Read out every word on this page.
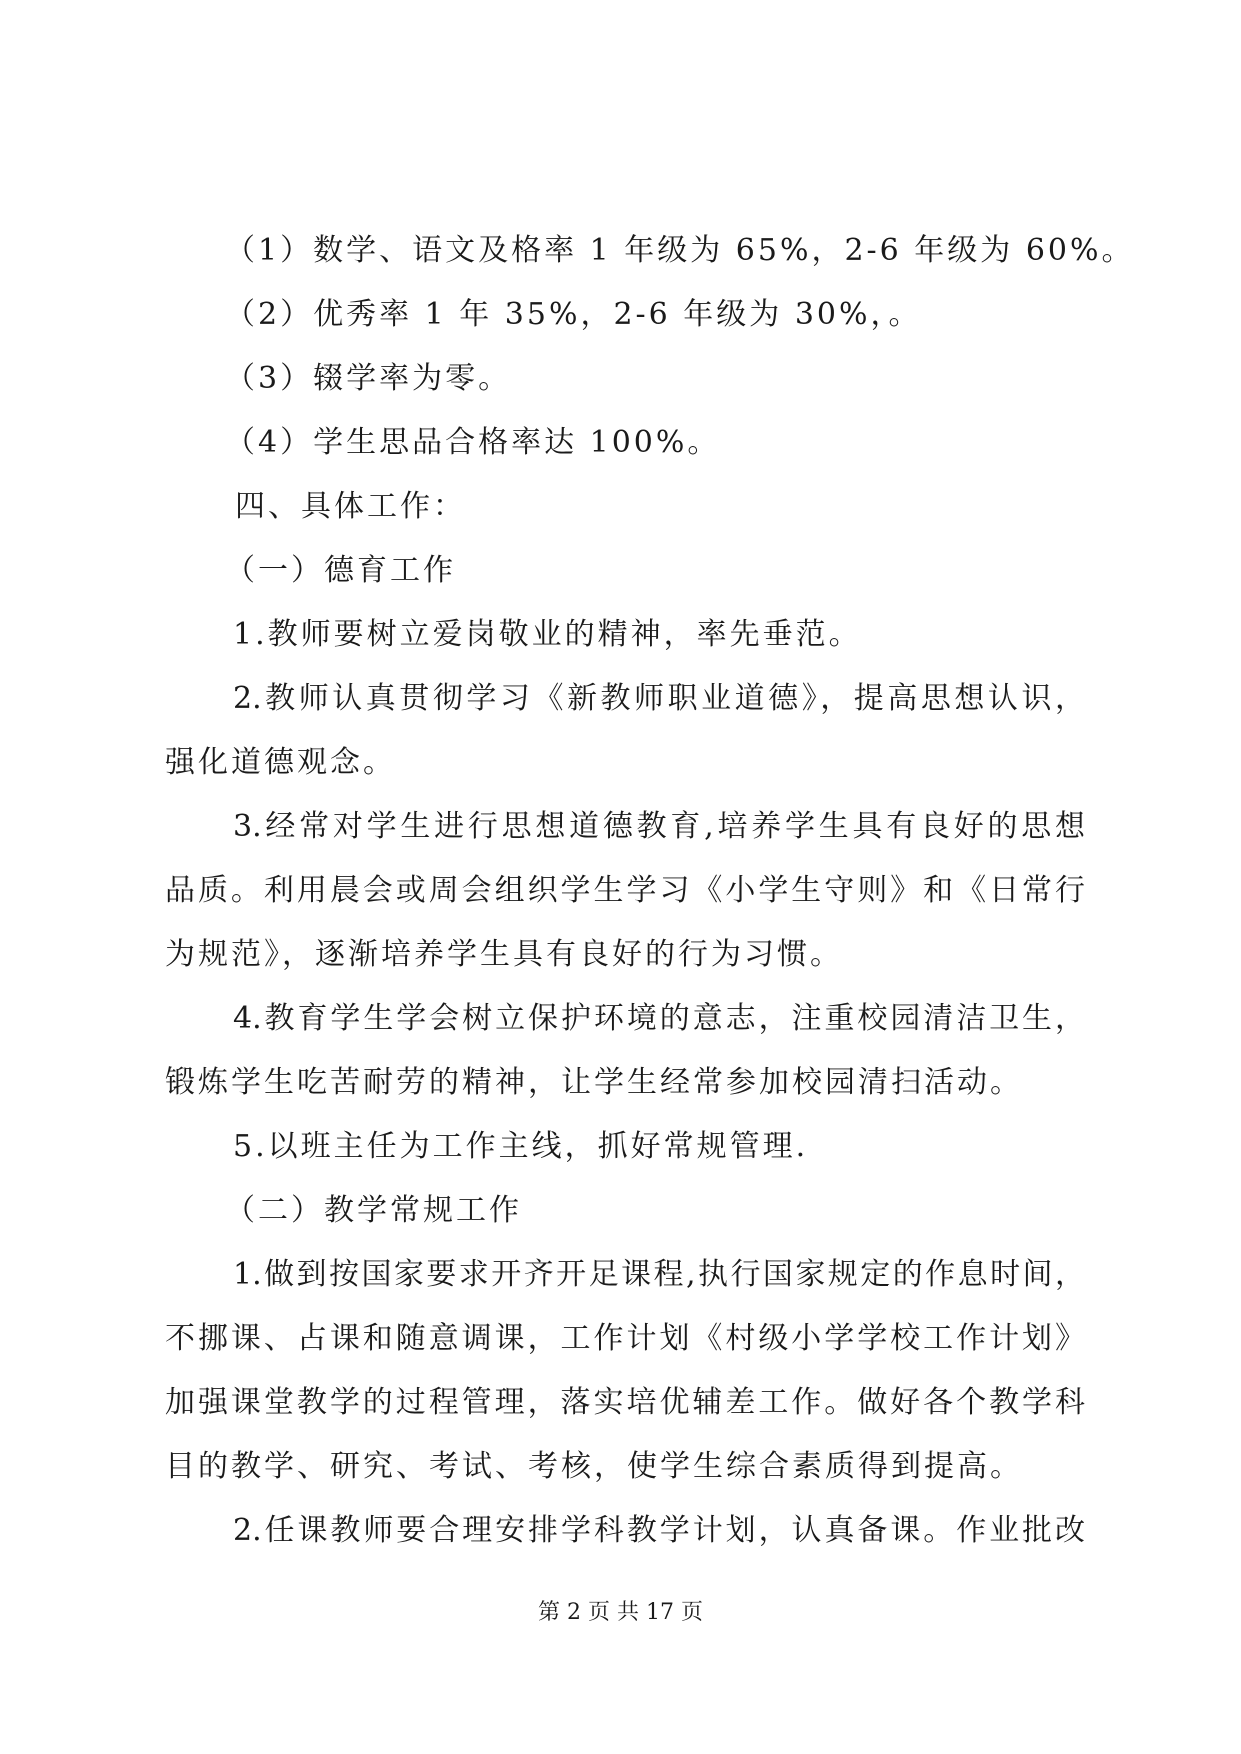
（1）数学、语文及格率 1 年级为 65%，2-6 年级为 60%。
（2）优秀率 1 年 35%，2-6 年级为 30%，。
（3）辍学率为零。
（4）学生思品合格率达 100%。
四、具体工作：
（一）德育工作
1.教师要树立爱岗敬业的精神，率先垂范。
2.教师认真贯彻学习《新教师职业道德》，提高思想认识，
强化道德观念。
3.经常对学生进行思想道德教育,培养学生具有良好的思想
品质。利用晨会或周会组织学生学习《小学生守则》和《日常行
为规范》，逐渐培养学生具有良好的行为习惯。
4.教育学生学会树立保护环境的意志，注重校园清洁卫生，
锻炼学生吃苦耐劳的精神，让学生经常参加校园清扫活动。
5.以班主任为工作主线，抓好常规管理.
（二）教学常规工作
1.做到按国家要求开齐开足课程,执行国家规定的作息时间，
不挪课、占课和随意调课，工作计划《村级小学学校工作计划》
加强课堂教学的过程管理，落实培优辅差工作。做好各个教学科
目的教学、研究、考试、考核，使学生综合素质得到提高。
2.任课教师要合理安排学科教学计划，认真备课。作业批改
第 2 页 共 17 页
